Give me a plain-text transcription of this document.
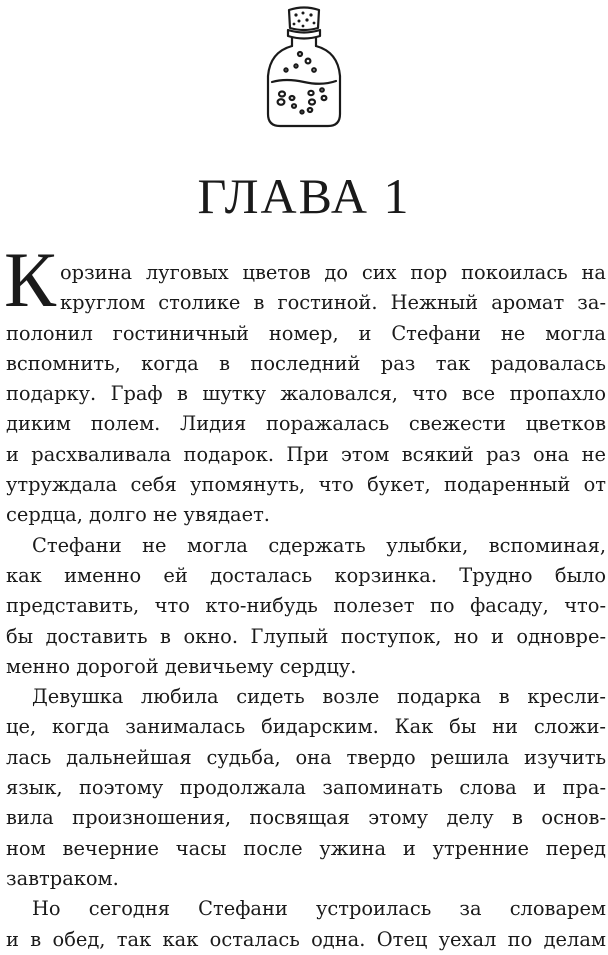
ГЛАВА 1
К орзина луговых цветов до сих пор покоилась на
круглом столике в гостиной. Нежный аромат за-
полонил гостиничный номер, и Стефани не могла
вспомнить, когда в последний раз так радовалась
подарку. Граф в шутку жаловался, что все пропахло
диким полем. Лидия поражалась свежести цветков
и расхваливала подарок. При этом всякий раз она не
утруждала себя упомянуть, что букет, подаренный от
сердца, долго не увядает.
Стефани не могла сдержать улыбки, вспоминая,
как именно ей досталась корзинка. Трудно было
представить, что кто-нибудь полезет по фасаду, что-
бы доставить в окно. Глупый поступок, но и одновре-
менно дорогой девичьему сердцу.
Девушка любила сидеть возле подарка в кресли-
це, когда занималась бидарским. Как бы ни сложи-
лась дальнейшая судьба, она твердо решила изучить
язык, поэтому продолжала запоминать слова и пра-
вила произношения, посвящая этому делу в основ-
ном вечерние часы после ужина и утренние перед
завтраком.
Но сегодня Стефани устроилась за словарем
и в обед, так как осталась одна. Отец уехал по делам
